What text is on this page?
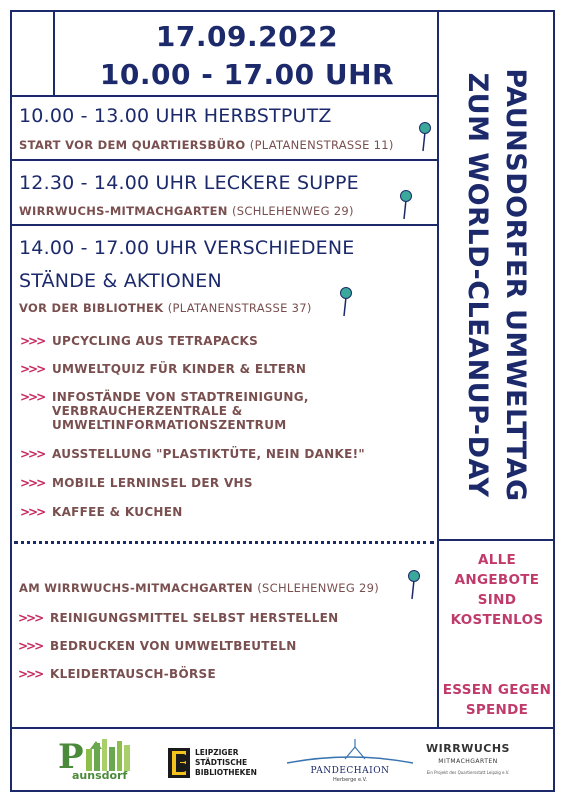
17.09.2022
10.00 - 17.00 UHR	PAUNSDORFER UMWELTTAG
ZUM WORLD-CLEANUP-DAY
10.00 - 13.00 UHR HERBSTPUTZ
START VOR DEM QUARTIERSBÜRO (PLATANENSTRASSE 11)
12.30 - 14.00 UHR LECKERE SUPPE
WIRRWUCHS-MITMACHGARTEN (SCHLEHENWEG 29)
14.00 - 17.00 UHR VERSCHIEDENE
STÄNDE & AKTIONEN
VOR DER BIBLIOTHEK (PLATANENSTRASSE 37)
>>> UPCYCLING AUS TETRAPACKS
>>> UMWELTQUIZ FÜR KINDER & ELTERN
>>> INFOSTÄNDE VON STADTREINIGUNG, VERBRAUCHERZENTRALE & UMWELTINFORMATIONSZENTRUM
>>> AUSSTELLUNG "PLASTIKTÜTE, NEIN DANKE!"
>>> MOBILE LERNINSEL DER VHS
>>> KAFFEE & KUCHEN
AM WIRRWUCHS-MITMACHGARTEN (SCHLEHENWEG 29)
>>> REINIGUNGSMITTEL SELBST HERSTELLEN
>>> BEDRUCKEN VON UMWELTBEUTELN
>>> KLEIDERTAUSCH-BÖRSE
ALLE
ANGEBOTE
SIND
KOSTENLOS
ESSEN GEGEN
SPENDE
P
aunsdorf
LEIPZIGER
STÄDTISCHE
BIBLIOTHEKEN	PANDECHAION
Herberge e.V.
WIRRWUCHS
MITMACHGARTEN
Ein Projekt des Quartiersstatt Leipzig e.V.
